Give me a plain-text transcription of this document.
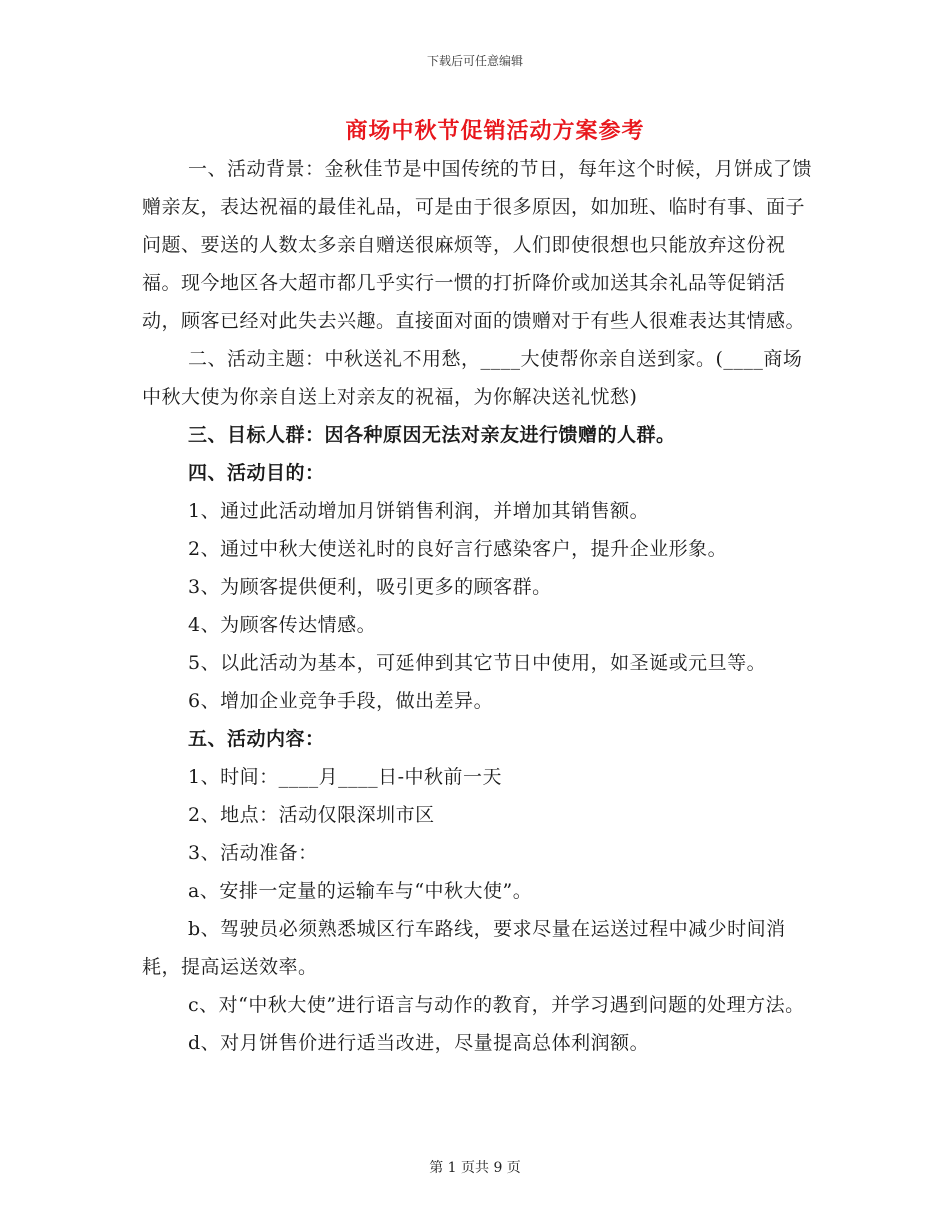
下载后可任意编辑
商场中秋节促销活动方案参考

一、活动背景：金秋佳节是中国传统的节日，每年这个时候，月饼成了馈赠亲友，表达祝福的最佳礼品，可是由于很多原因，如加班、临时有事、面子问题、要送的人数太多亲自赠送很麻烦等，人们即使很想也只能放弃这份祝福。现今地区各大超市都几乎实行一惯的打折降价或加送其余礼品等促销活动，顾客已经对此失去兴趣。直接面对面的馈赠对于有些人很难表达其情感。

二、活动主题：中秋送礼不用愁，____大使帮你亲自送到家。(____商场中秋大使为你亲自送上对亲友的祝福，为你解决送礼忧愁)

三、目标人群：因各种原因无法对亲友进行馈赠的人群。

四、活动目的：

1、通过此活动增加月饼销售利润，并增加其销售额。

2、通过中秋大使送礼时的良好言行感染客户，提升企业形象。

3、为顾客提供便利，吸引更多的顾客群。

4、为顾客传达情感。

5、以此活动为基本，可延伸到其它节日中使用，如圣诞或元旦等。

6、增加企业竞争手段，做出差异。

五、活动内容：

1、时间：____月____日-中秋前一天

2、地点：活动仅限深圳市区

3、活动准备：

a、安排一定量的运输车与“中秋大使”。

b、驾驶员必须熟悉城区行车路线，要求尽量在运送过程中减少时间消耗，提高运送效率。

c、对“中秋大使”进行语言与动作的教育，并学习遇到问题的处理方法。

d、对月饼售价进行适当改进，尽量提高总体利润额。

第 1 页共 9 页
